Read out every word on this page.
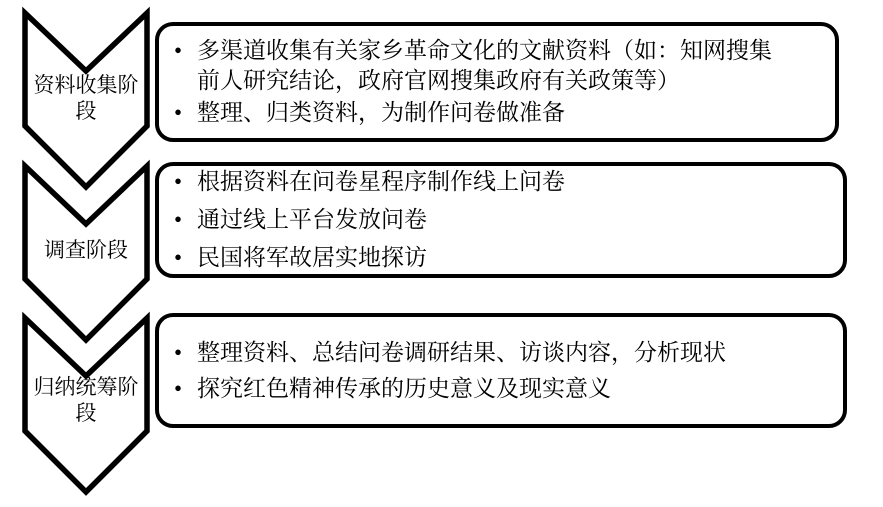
资料收集阶段
调查阶段
归纳统筹阶段
• 多渠道收集有关家乡革命文化的文献资料（如：知网搜集前人研究结论，政府官网搜集政府有关政策等）
• 整理、归类资料，为制作问卷做准备
• 根据资料在问卷星程序制作线上问卷
• 通过线上平台发放问卷
• 民国将军故居实地探访
• 整理资料、总结问卷调研结果、访谈内容，分析现状
• 探究红色精神传承的历史意义及现实意义
